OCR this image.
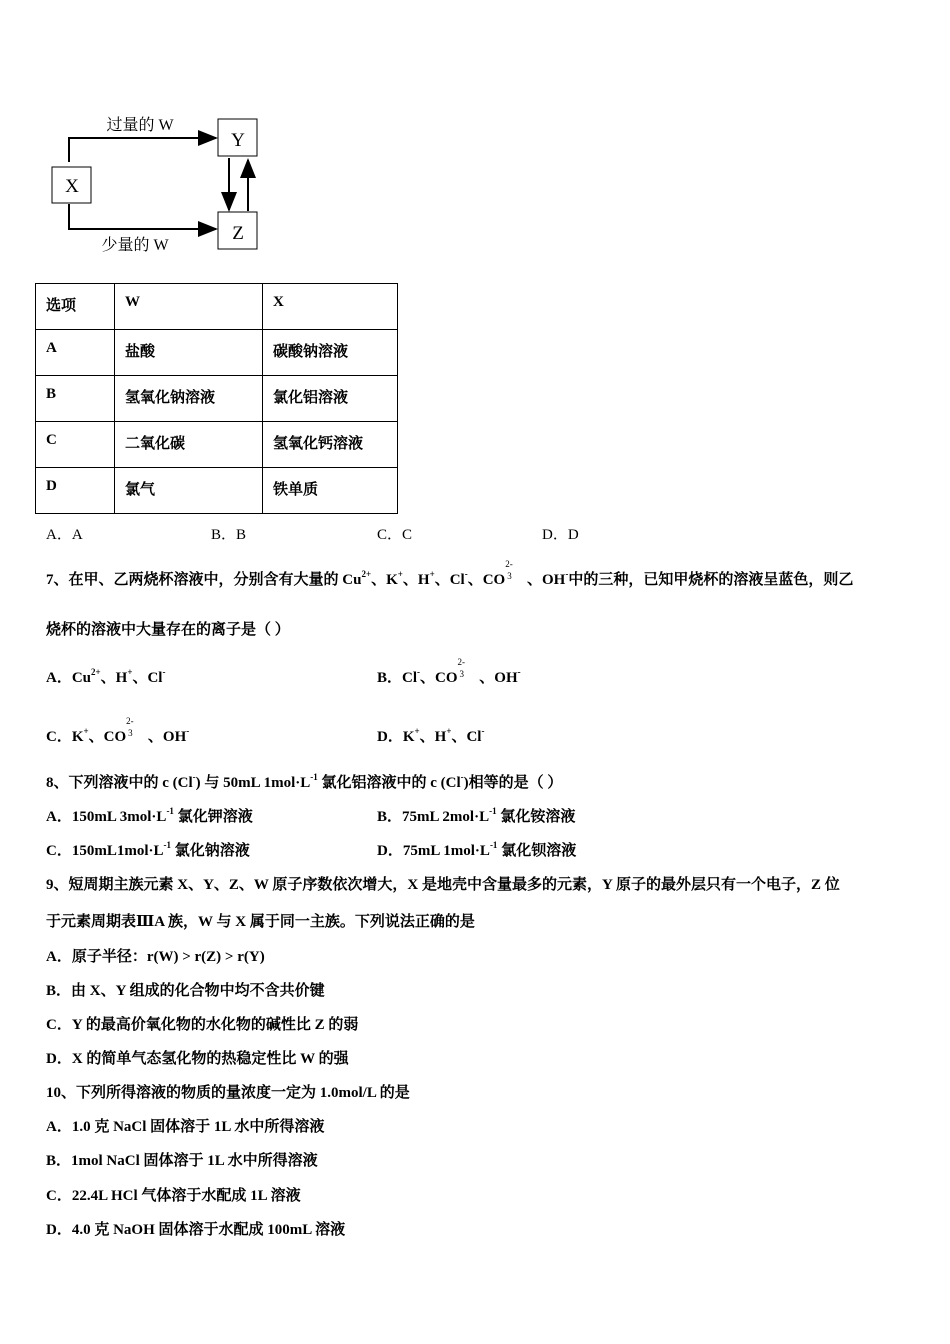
X
Y
Z
过量的 W
少量的 W
选项	W	X
A	盐酸	碳酸钠溶液
B	氢氧化钠溶液	氯化铝溶液
C	二氧化碳	氢氧化钙溶液
D	氯气	铁单质
A．A	B．B	C．C	D．D
7、在甲、乙两烧杯溶液中，分别含有大量的 $Cu^{2+}$、K+、H+、Cl-、CO
2-
3 、OH-中的三种，已知甲烧杯的溶液呈蓝色，则乙
烧杯的溶液中大量存在的离子是（ ）
A．$Cu^{2+}$、H+、Cl-	B．Cl-、CO
2-
3 、OH-
C．K+、CO
2-
3 、OH-	D．K+、H+、Cl-
8、下列溶液中的 c (Cl-) 与 50mL $1mol\cdot L^{-1}$ 氯化铝溶液中的 c (Cl-)相等的是（ ）
A．150mL $3mol\cdot L^{-1}$ 氯化钾溶液	B．75mL $2mol\cdot L^{-1}$ 氯化铵溶液
C．$150mL1mol\cdot L^{-1}$ 氯化钠溶液	D．75mL $1mol\cdot L^{-1}$ 氯化钡溶液
9、短周期主族元素 X、Y、Z、W 原子序数依次增大，X 是地壳中含量最多的元素，Y 原子的最外层只有一个电子，Z 位
于元素周期表ⅢA 族，W 与 X 属于同一主族。下列说法正确的是
A．原子半径：r(W) > r(Z) > r(Y)
B．由 X、Y 组成的化合物中均不含共价键
C．Y 的最高价氧化物的水化物的碱性比 Z 的弱
D．X 的简单气态氢化物的热稳定性比 W 的强
10、下列所得溶液的物质的量浓度一定为 1.0mol/L 的是
A．1.0 克 NaCl 固体溶于 1L 水中所得溶液
B．1mol NaCl 固体溶于 1L 水中所得溶液
C．22.4L HCl 气体溶于水配成 1L 溶液
D．4.0 克 NaOH 固体溶于水配成 100mL 溶液
